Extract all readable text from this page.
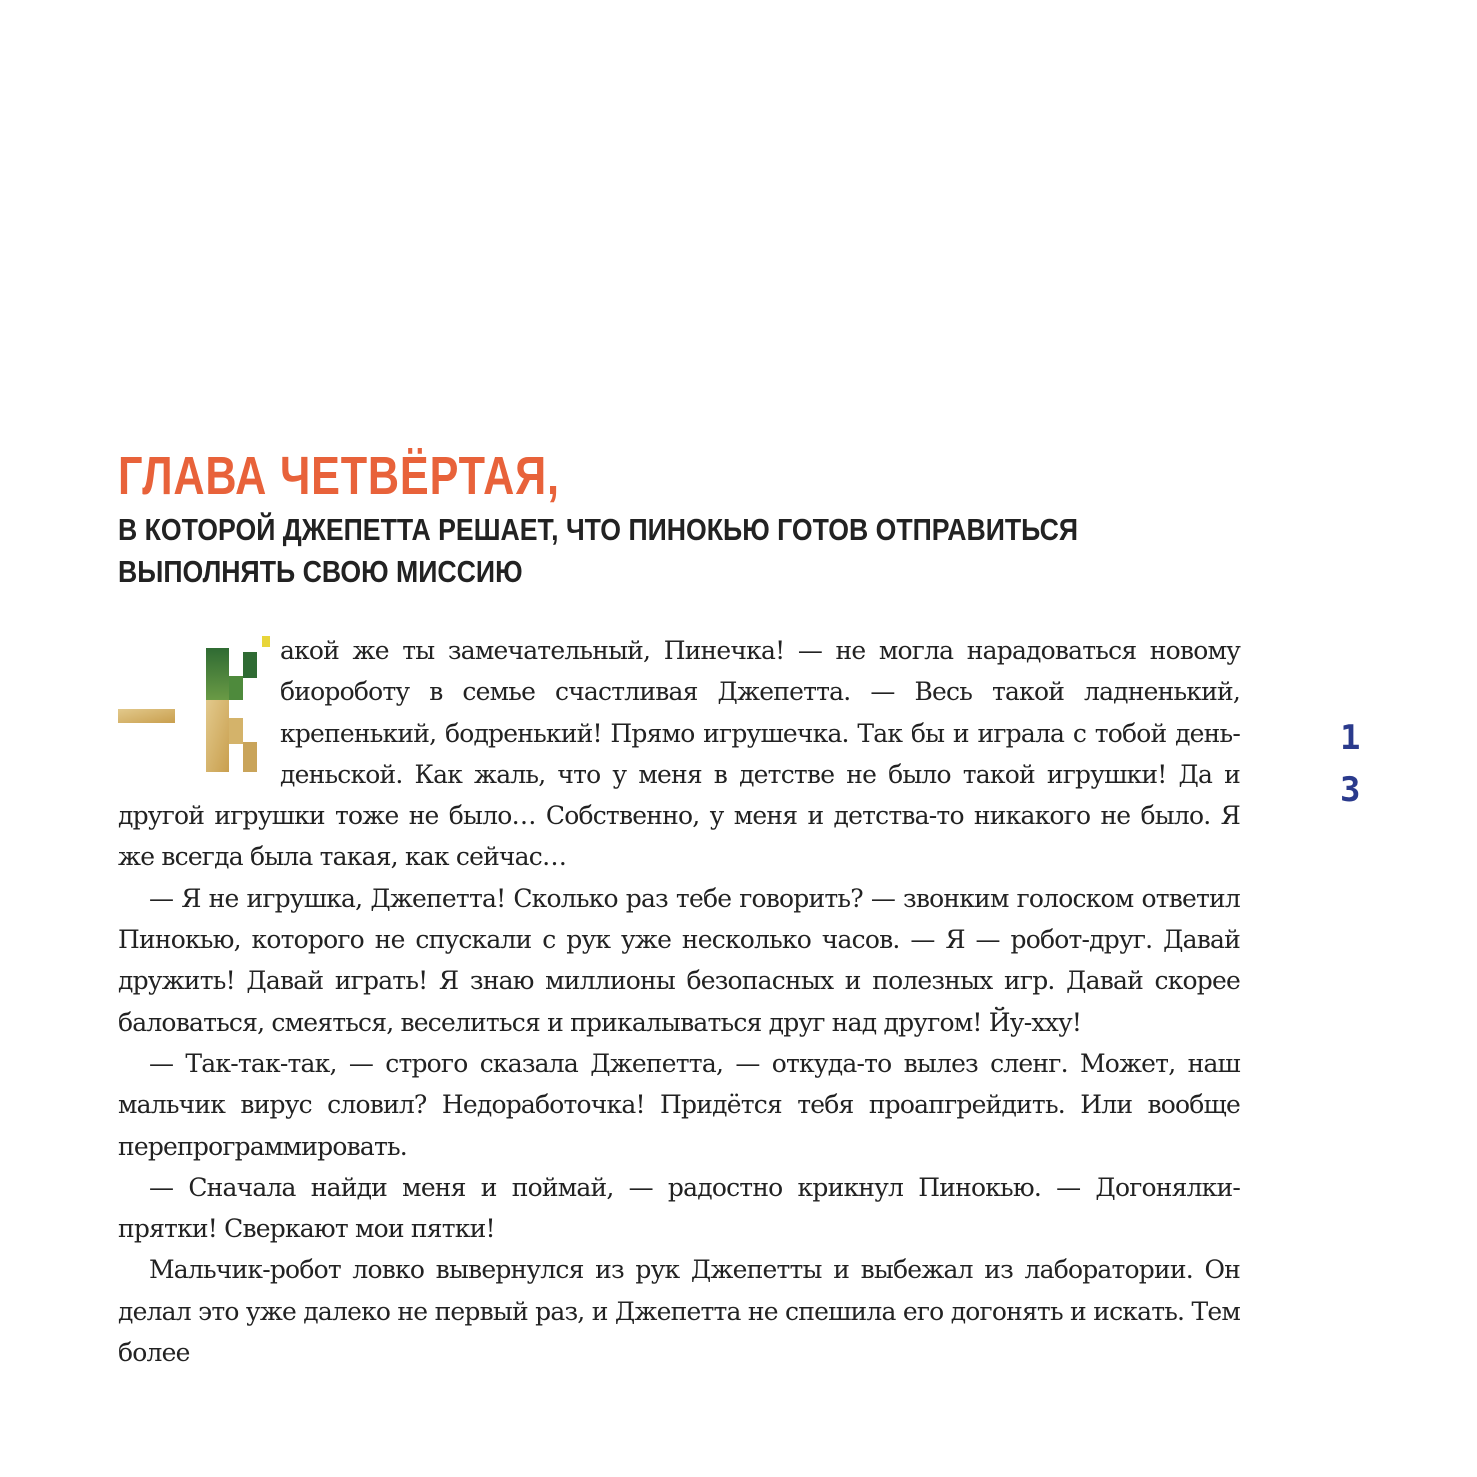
ГЛАВА ЧЕТВЁРТАЯ,
В КОТОРОЙ ДЖЕПЕТТА РЕШАЕТ, ЧТО ПИНОКЬЮ ГОТОВ ОТПРАВИТЬСЯ
ВЫПОЛНЯТЬ СВОЮ МИССИЮ

акой же ты замечательный, Пинечка! — не могла нарадоваться новому биороботу в семье счастливая Джепетта. — Весь такой ладненький, крепенький, бодренький! Прямо игрушечка. Так бы и играла с тобой день-деньской. Как жаль, что у меня в детстве не было такой игрушки! Да и другой игрушки тоже не было… Собственно, у меня и детства-то никакого не было. Я же всегда была такая, как сейчас…

— Я не игрушка, Джепетта! Сколько раз тебе говорить? — звонким голоском ответил Пинокью, которого не спускали с рук уже несколько часов. — Я — робот-друг. Давай дружить! Давай играть! Я знаю миллионы безопасных и полезных игр. Давай скорее баловаться, смеяться, веселиться и прикалываться друг над другом! Йу-хху!

— Так-так-так, — строго сказала Джепетта, — откуда-то вылез сленг. Может, наш мальчик вирус словил? Недоработочка! Придётся тебя проапгрейдить. Или вообще перепрограммировать.

— Сначала найди меня и поймай, — радостно крикнул Пинокью. — Догонялки-прятки! Сверкают мои пятки!

Мальчик-робот ловко вывернулся из рук Джепетты и выбежал из лаборатории. Он делал это уже далеко не первый раз, и Джепетта не спешила его догонять и искать. Тем более

1
3
